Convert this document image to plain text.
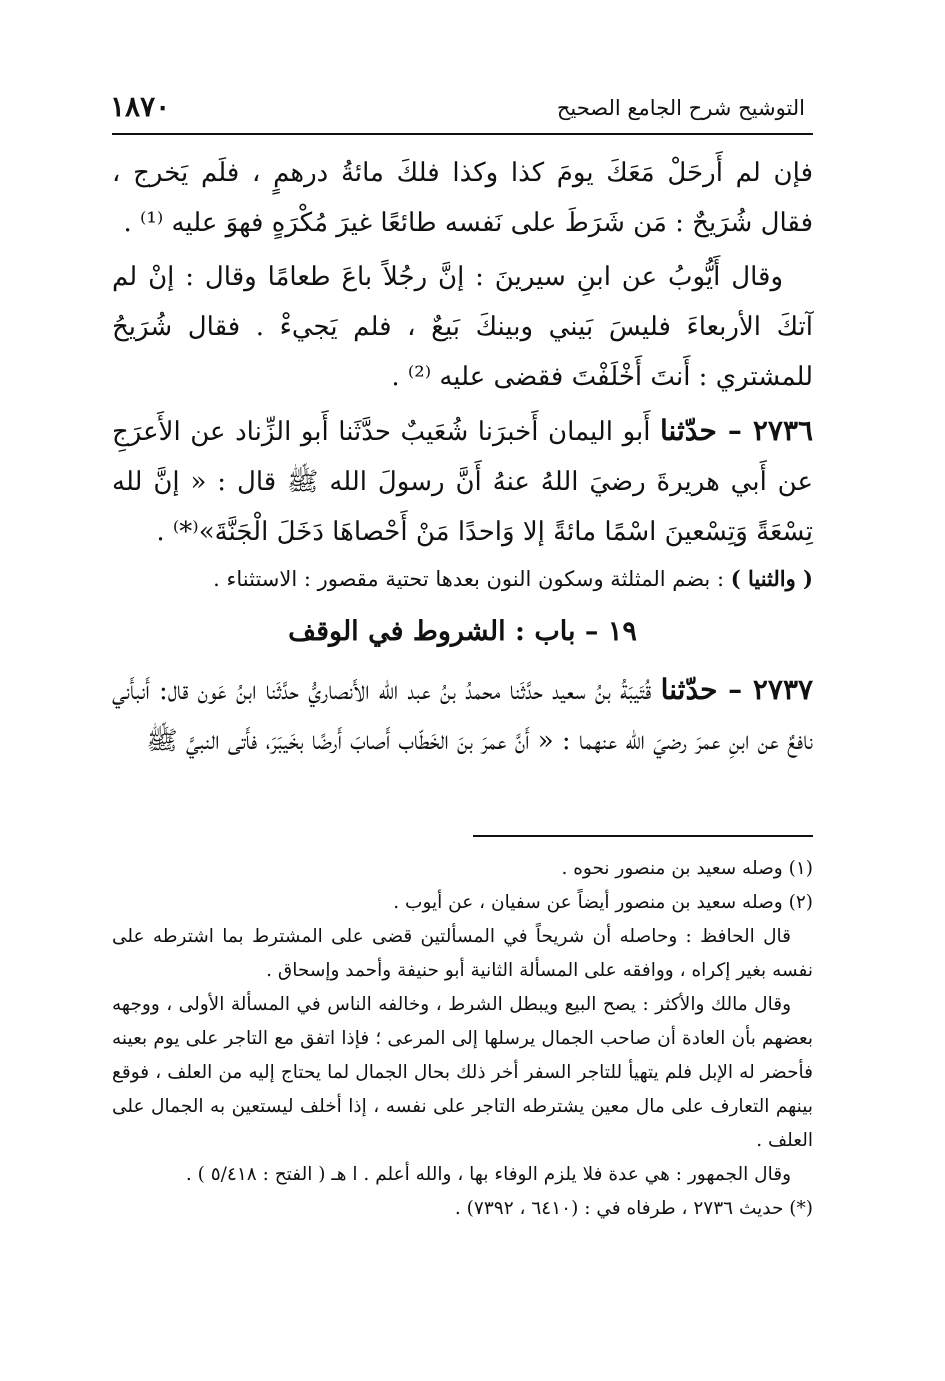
١٨٧٠	التوشيح شرح الجامع الصحيح

فإن لم أَرحَلْ مَعَكَ يومَ كذا وكذا فلكَ مائةُ درهمٍ ، فلَم يَخرج ، فقال شُرَيحٌ : مَن شَرَطَ على نَفسه طائعًا غيرَ مُكْرَهٍ فهوَ عليه ⁽¹⁾ .

وقال أَيُّوبُ عن ابنِ سيرينَ : إنَّ رجُلاً باعَ طعامًا وقال : إنْ لم آتكَ الأربعاءَ فليسَ بَيني وبينكَ بَيعٌ ، فلم يَجيءْ . فقال شُرَيحُ للمشتري : أَنتَ أَخْلَفْتَ فقضى عليه ⁽²⁾ .

٢٧٣٦ – حدّثنا أَبو اليمان أَخبرَنا شُعَيبٌ حدَّثَنا أَبو الزِّناد عن الأَعرَجِ عن أَبي هريرةَ رضيَ اللهُ عنهُ أَنَّ رسولَ الله ﷺ قال : « إنَّ لله تِسْعَةً وَتِسْعينَ اسْمًا مائةً إلا وَاحدًا مَنْ أَحْصاهَا دَخَلَ الْجَنَّةَ»⁽*⁾ .

( والثنيا ) : بضم المثلثة وسكون النون بعدها تحتية مقصور : الاستثناء .

١٩ – باب : الشروط في الوقف

٢٧٣٧ – حدّثنا قُتَيبَةُ بنُ سعيد حدَّثَنا محمدُ بنُ عبد الله الأَنصاريُّ حدَّثَنا ابنُ عَون قال: أَنبأَني نافعٌ عن ابنِ عمرَ رضيَ الله عنهما : « أَنَّ عمرَ بنَ الخَطّاب أَصابَ أَرضًا بخَيبَرَ، فأَتى النبيَّ ﷺ

(١) وصله سعيد بن منصور نحوه .

(٢) وصله سعيد بن منصور أيضاً عن سفيان ، عن أيوب .

قال الحافظ : وحاصله أن شريحاً في المسألتين قضى على المشترط بما اشترطه على نفسه بغير إكراه ، ووافقه على المسألة الثانية أبو حنيفة وأحمد وإسحاق .

وقال مالك والأكثر : يصح البيع ويبطل الشرط ، وخالفه الناس في المسألة الأولى ، ووجهه بعضهم بأن العادة أن صاحب الجمال يرسلها إلى المرعى ؛ فإذا اتفق مع التاجر على يوم بعينه فأحضر له الإبل فلم يتهيأ للتاجر السفر أخر ذلك بحال الجمال لما يحتاج إليه من العلف ، فوقع بينهم التعارف على مال معين يشترطه التاجر على نفسه ، إذا أخلف ليستعين به الجمال على العلف .

وقال الجمهور : هي عدة فلا يلزم الوفاء بها ، والله أعلم . ا هـ ( الفتح : ٥/٤١٨ ) .

(*) حديث ٢٧٣٦ ، طرفاه في : (٦٤١٠ ، ٧٣٩٢) .
